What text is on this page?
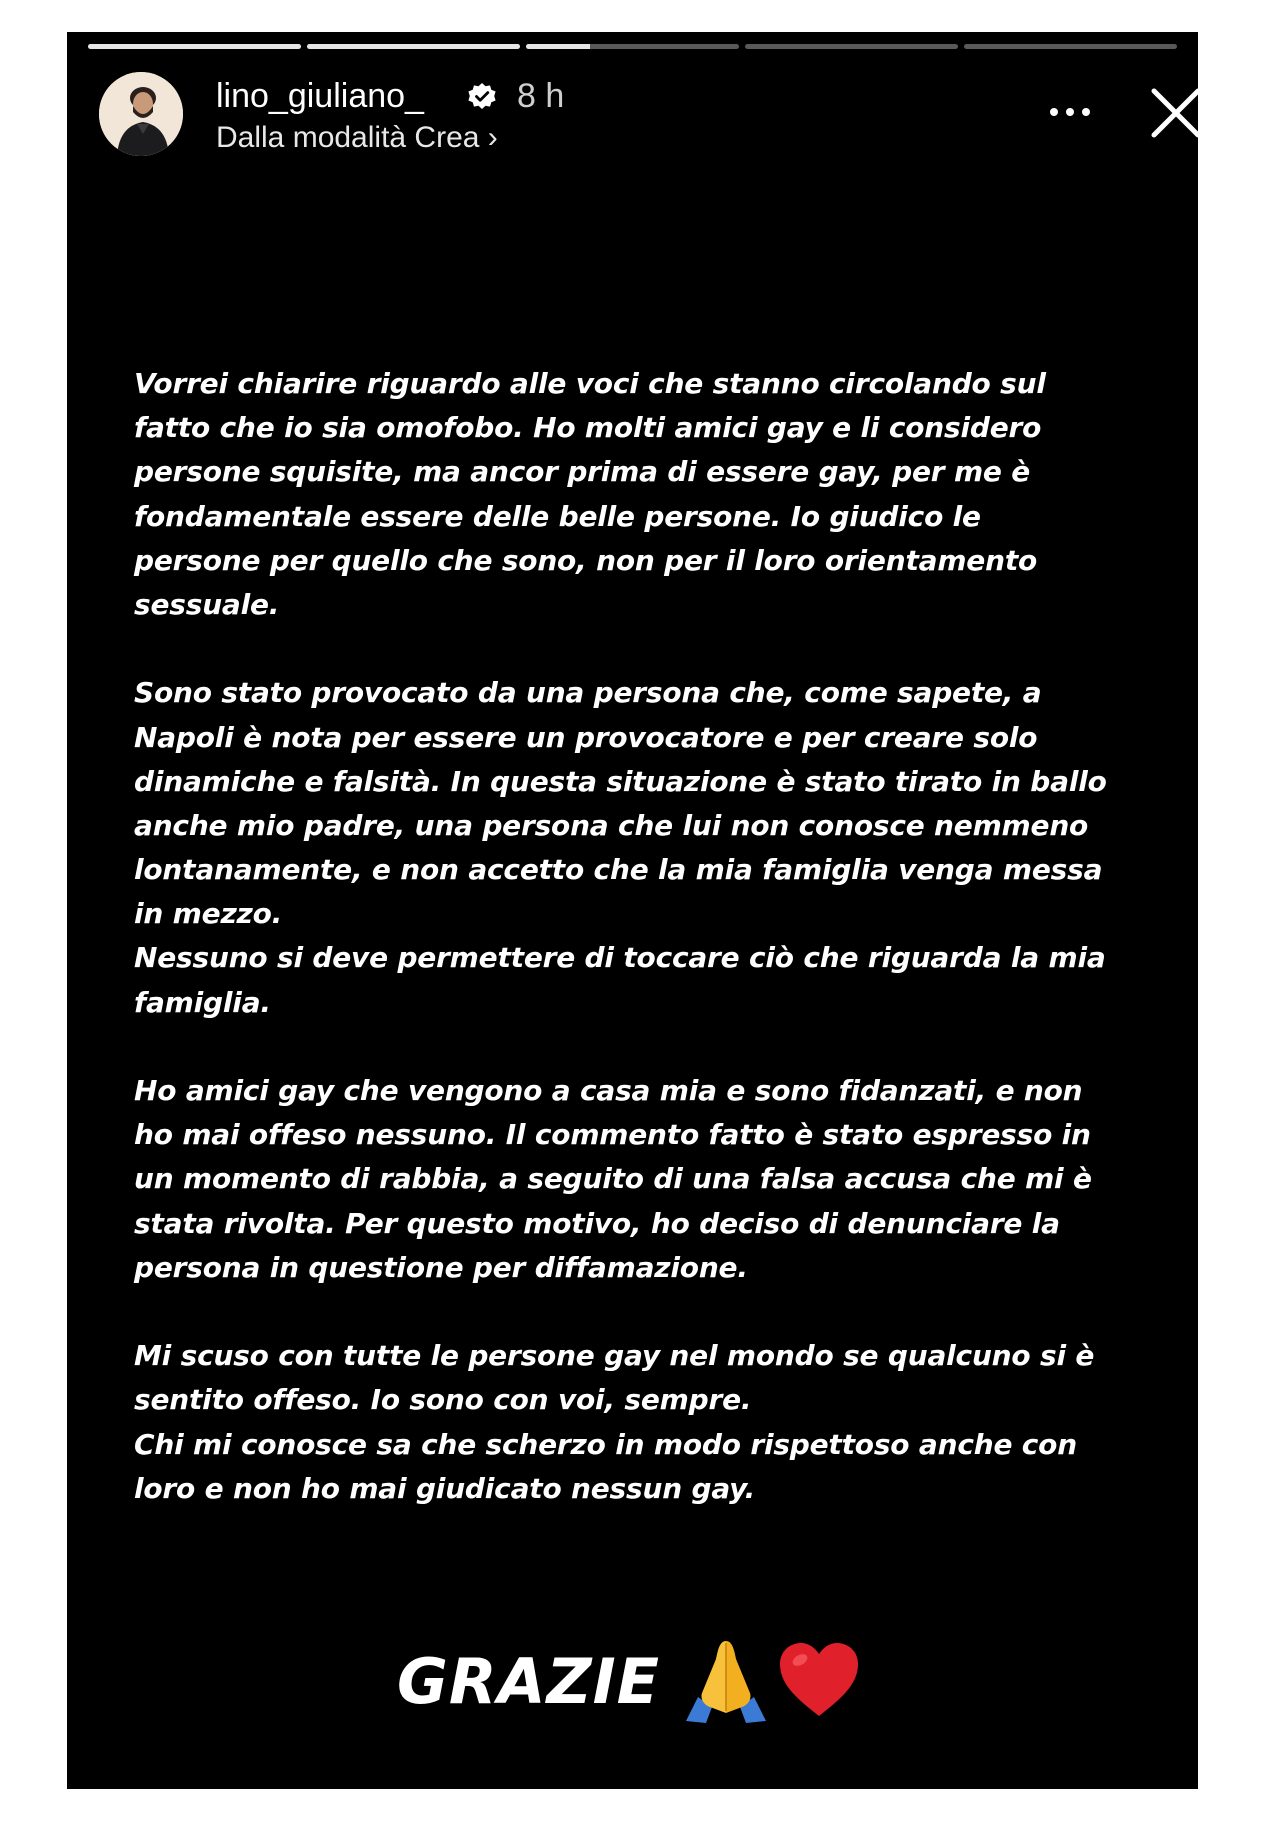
lino_giuliano_	8 h
Dalla modalità Crea ›
Vorrei chiarire riguardo alle voci che stanno circolando sul
fatto che io sia omofobo. Ho molti amici gay e li considero
persone squisite, ma ancor prima di essere gay, per me è
fondamentale essere delle belle persone. Io giudico le
persone per quello che sono, non per il loro orientamento
sessuale.
Sono stato provocato da una persona che, come sapete, a
Napoli è nota per essere un provocatore e per creare solo
dinamiche e falsità. In questa situazione è stato tirato in ballo
anche mio padre, una persona che lui non conosce nemmeno
lontanamente, e non accetto che la mia famiglia venga messa
in mezzo.
Nessuno si deve permettere di toccare ciò che riguarda la mia
famiglia.
Ho amici gay che vengono a casa mia e sono fidanzati, e non
ho mai offeso nessuno. Il commento fatto è stato espresso in
un momento di rabbia, a seguito di una falsa accusa che mi è
stata rivolta. Per questo motivo, ho deciso di denunciare la
persona in questione per diffamazione.
Mi scuso con tutte le persone gay nel mondo se qualcuno si è
sentito offeso. Io sono con voi, sempre.
Chi mi conosce sa che scherzo in modo rispettoso anche con
loro e non ho mai giudicato nessun gay.
GRAZIE
